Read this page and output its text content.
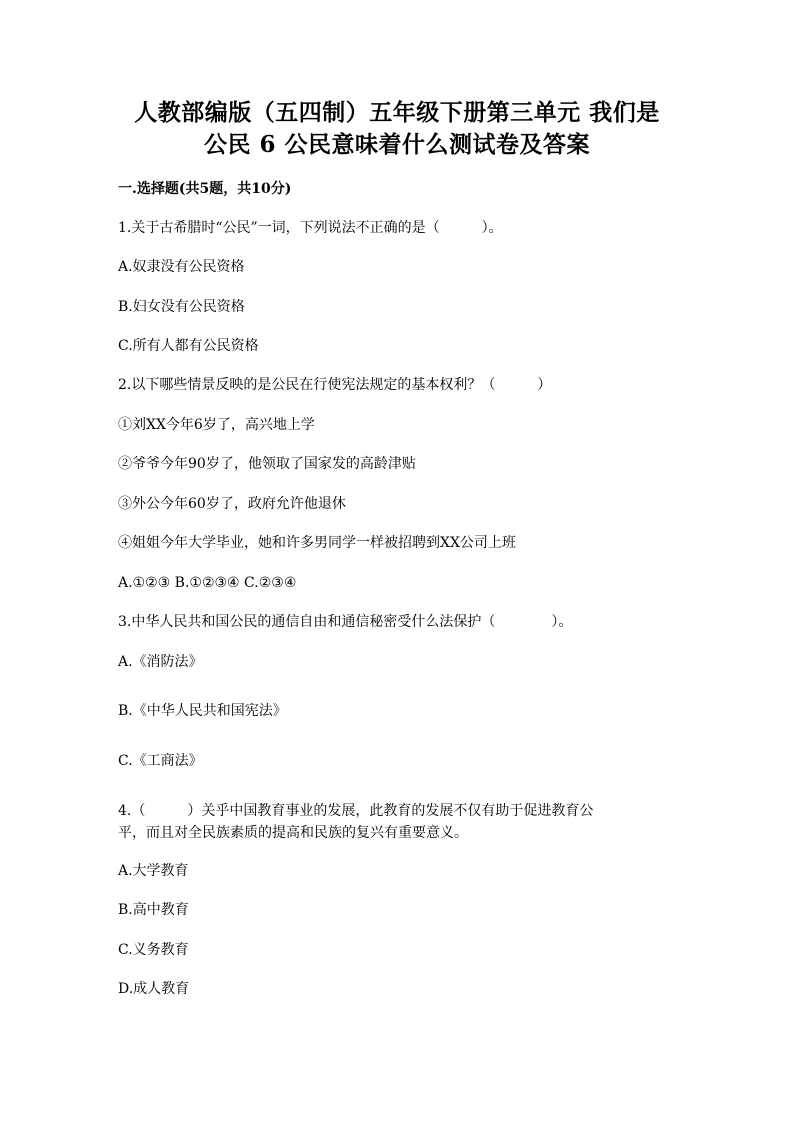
人教部编版（五四制）五年级下册第三单元 我们是
公民 6 公民意味着什么测试卷及答案
一.选择题(共5题，共10分)
1.关于古希腊时“公民”一词，下列说法不正确的是（　　　）。
A.奴隶没有公民资格
B.妇女没有公民资格
C.所有人都有公民资格
2.以下哪些情景反映的是公民在行使宪法规定的基本权利？（　　　）
①刘XX今年6岁了，高兴地上学
②爷爷今年90岁了，他领取了国家发的高龄津贴
③外公今年60岁了，政府允许他退休
④姐姐今年大学毕业，她和许多男同学一样被招聘到XX公司上班
A.①②③ B.①②③④ C.②③④
3.中华人民共和国公民的通信自由和通信秘密受什么法保护（　　　　）。
A.《消防法》
B.《中华人民共和国宪法》
C.《工商法》
4.（　　　）关乎中国教育事业的发展，此教育的发展不仅有助于促进教育公
平，而且对全民族素质的提高和民族的复兴有重要意义。
A.大学教育
B.高中教育
C.义务教育
D.成人教育
